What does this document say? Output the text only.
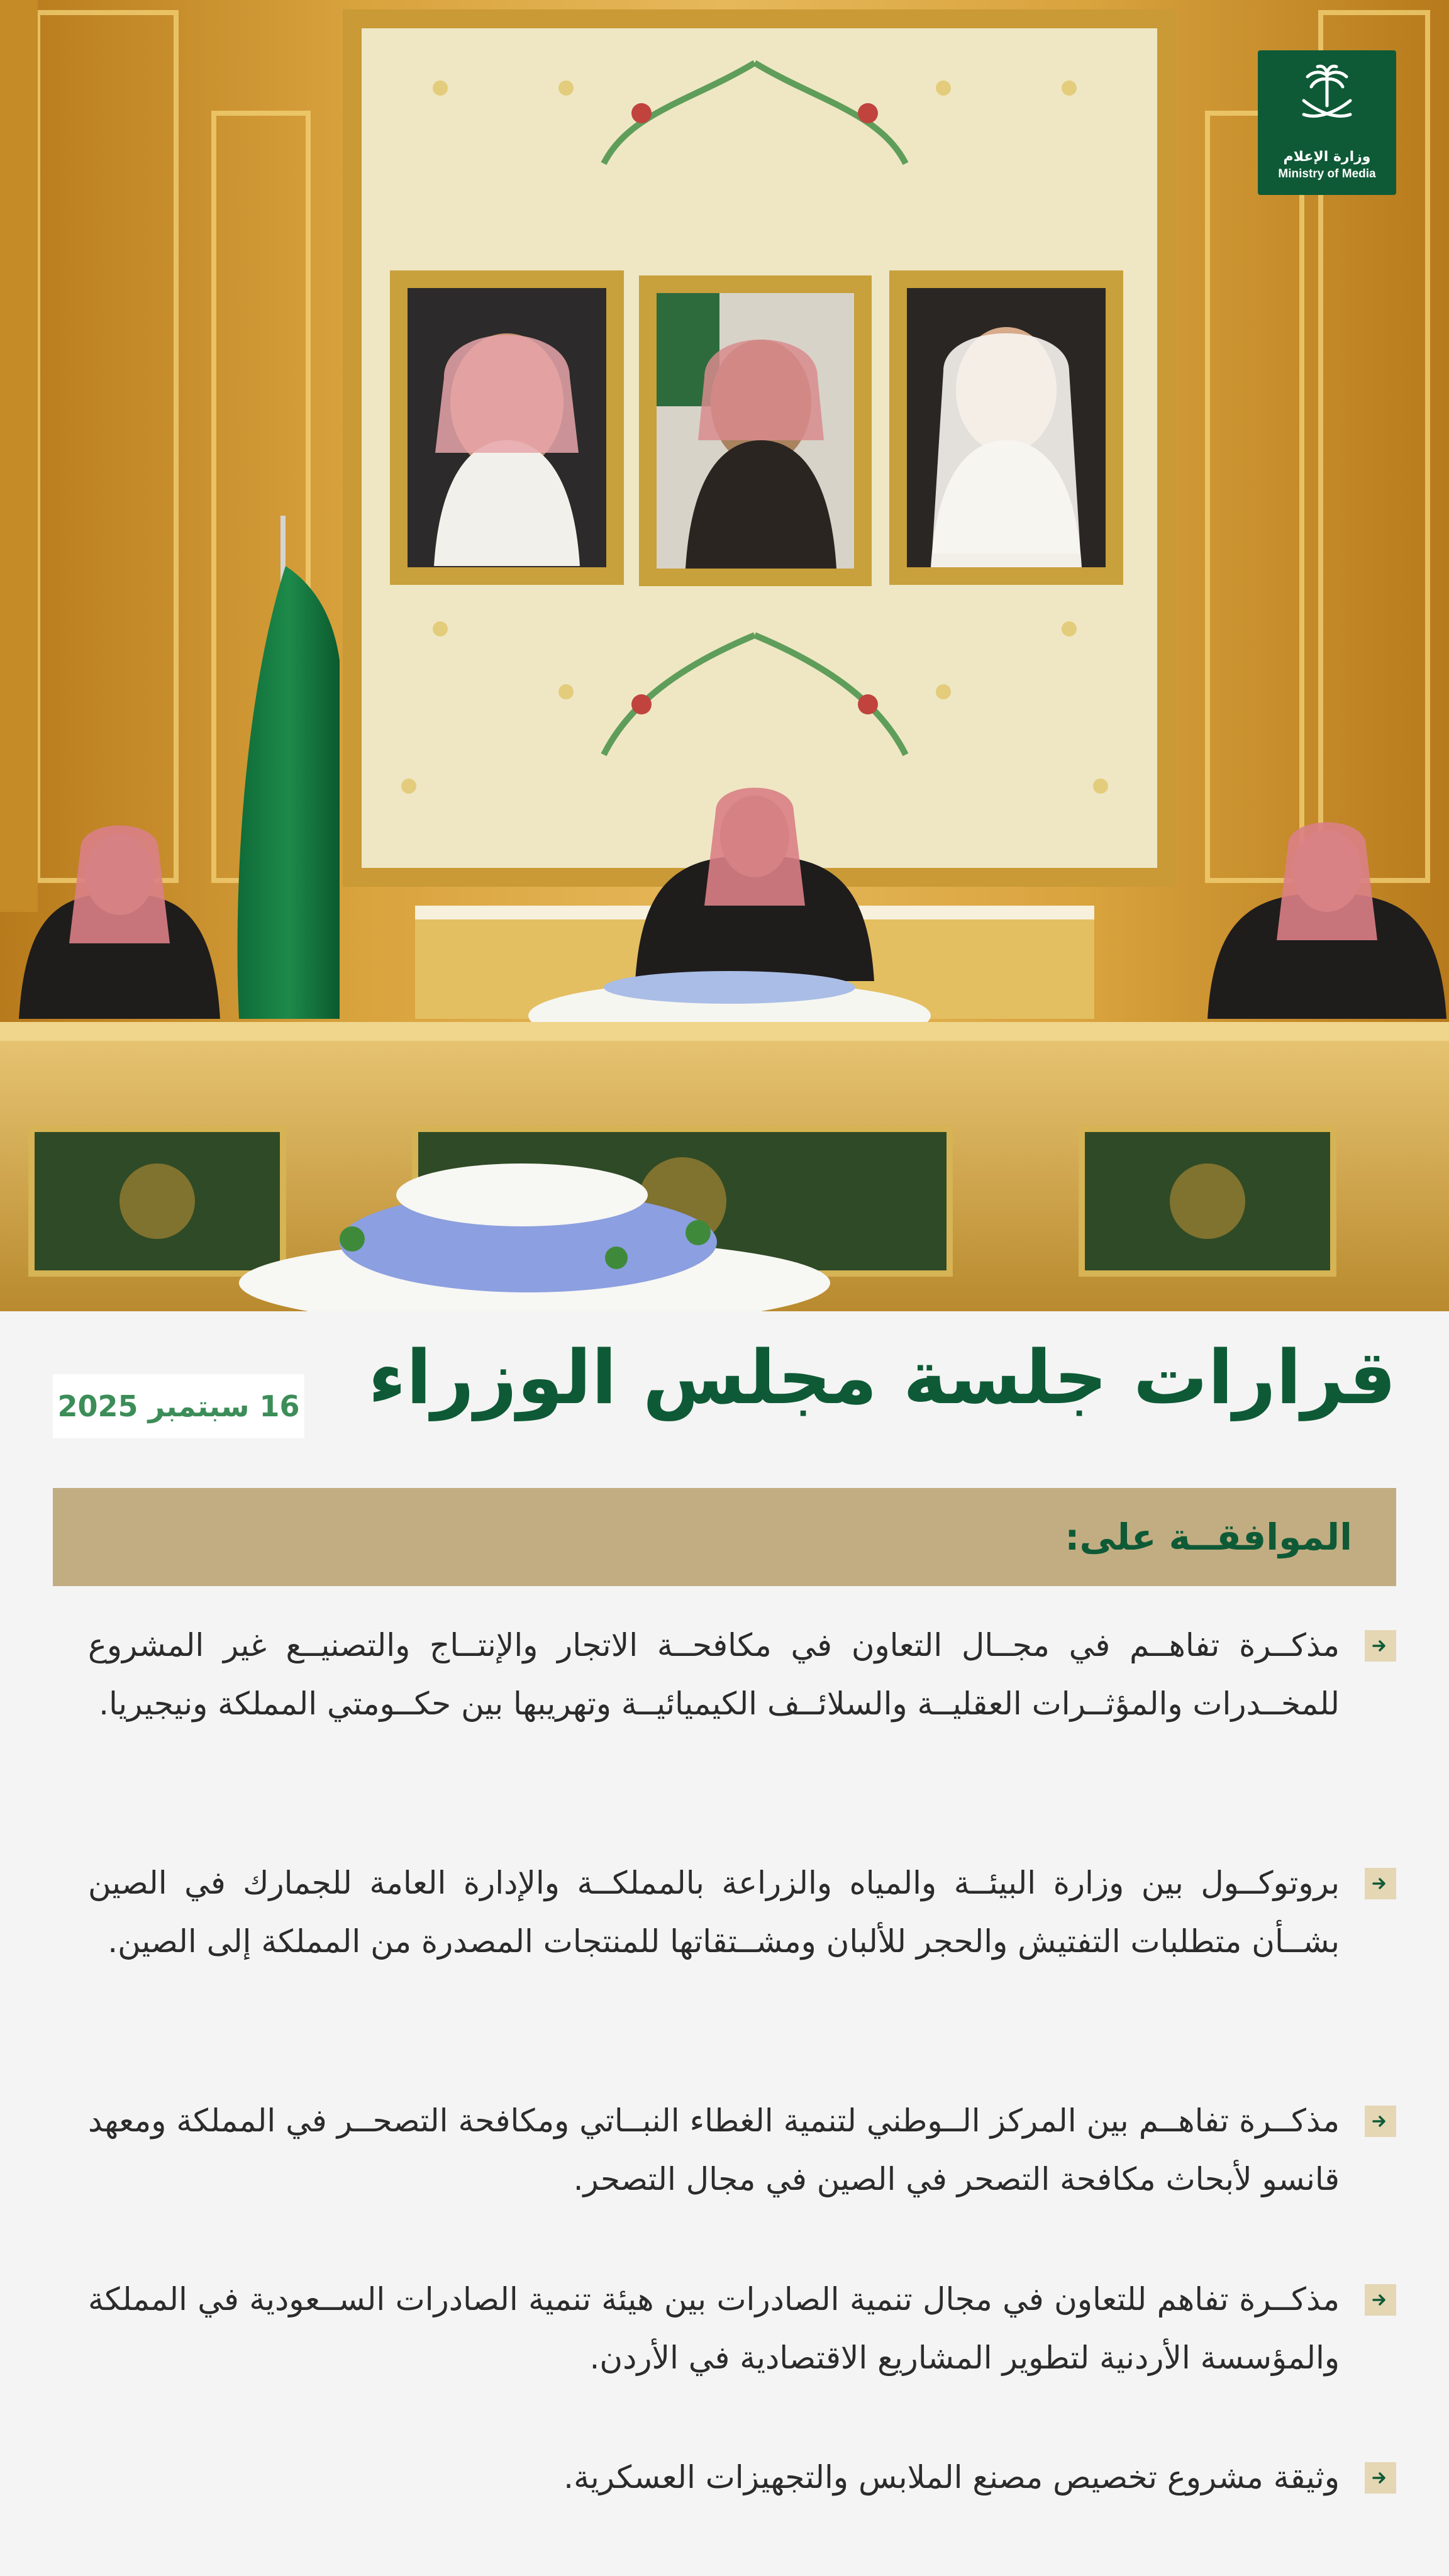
وزارة الإعلام
Ministry of Media
قرارات جلسة مجلس الوزراء
16 سبتمبر 2025
الموافقــة على:
مذكــرة تفاهــم في مجــال التعاون في مكافحــة الاتجار والإنتــاج والتصنيــع غير المشروع للمخــدرات والمؤثــرات العقليــة والسلائــف الكيميائيــة وتهريبها بين حكــومتي المملكة ونيجيريا.
بروتوكــول بين وزارة البيئــة والمياه والزراعة بالمملكــة والإدارة العامة للجمارك في الصين بشــأن متطلبات التفتيش والحجر للألبان ومشــتقاتها للمنتجات المصدرة من المملكة إلى الصين.
مذكــرة تفاهــم بين المركز الــوطني لتنمية الغطاء النبــاتي ومكافحة التصحــر في المملكة ومعهد قانسو لأبحاث مكافحة التصحر في الصين في مجال التصحر.
مذكــرة تفاهم للتعاون في مجال تنمية الصادرات بين هيئة تنمية الصادرات الســعودية في المملكة والمؤسسة الأردنية لتطوير المشاريع الاقتصادية في الأردن.
وثيقة مشروع تخصيص مصنع الملابس والتجهيزات العسكرية.
